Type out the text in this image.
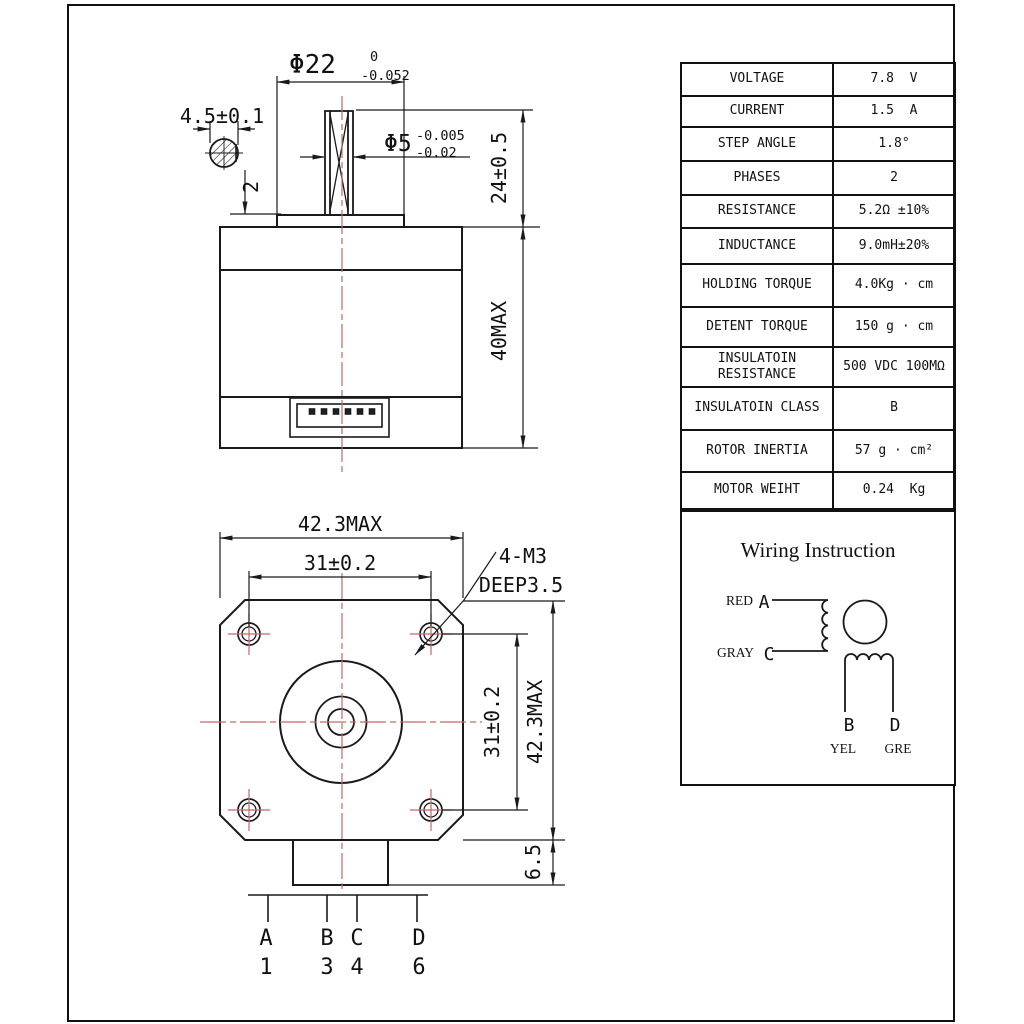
VOLTAGE	7.8  V
CURRENT	1.5  A
STEP ANGLE	1.8°
PHASES	2
RESISTANCE	5.2Ω ±10%
INDUCTANCE	9.0mH±20%
HOLDING TORQUE	4.0Kg · cm
DETENT TORQUE	150 g · cm
INSULATOIN RESISTANCE	500 VDC 100MΩ
INSULATOIN CLASS	B
ROTOR INERTIA	57 g · cm²
MOTOR WEIHT	0.24  Kg
Wiring Instruction
Φ22	0
-0.052
Φ5 -0.005
-0.02
4.5±0.1
2	24±0.5
40MAX
42.3MAX
31±0.2	4-M3
DEEP3.5
31±0.2 42.3MAX
6.5
A B C D
1 3 4 6
RED A
GRAY C
B D
YEL GRE
